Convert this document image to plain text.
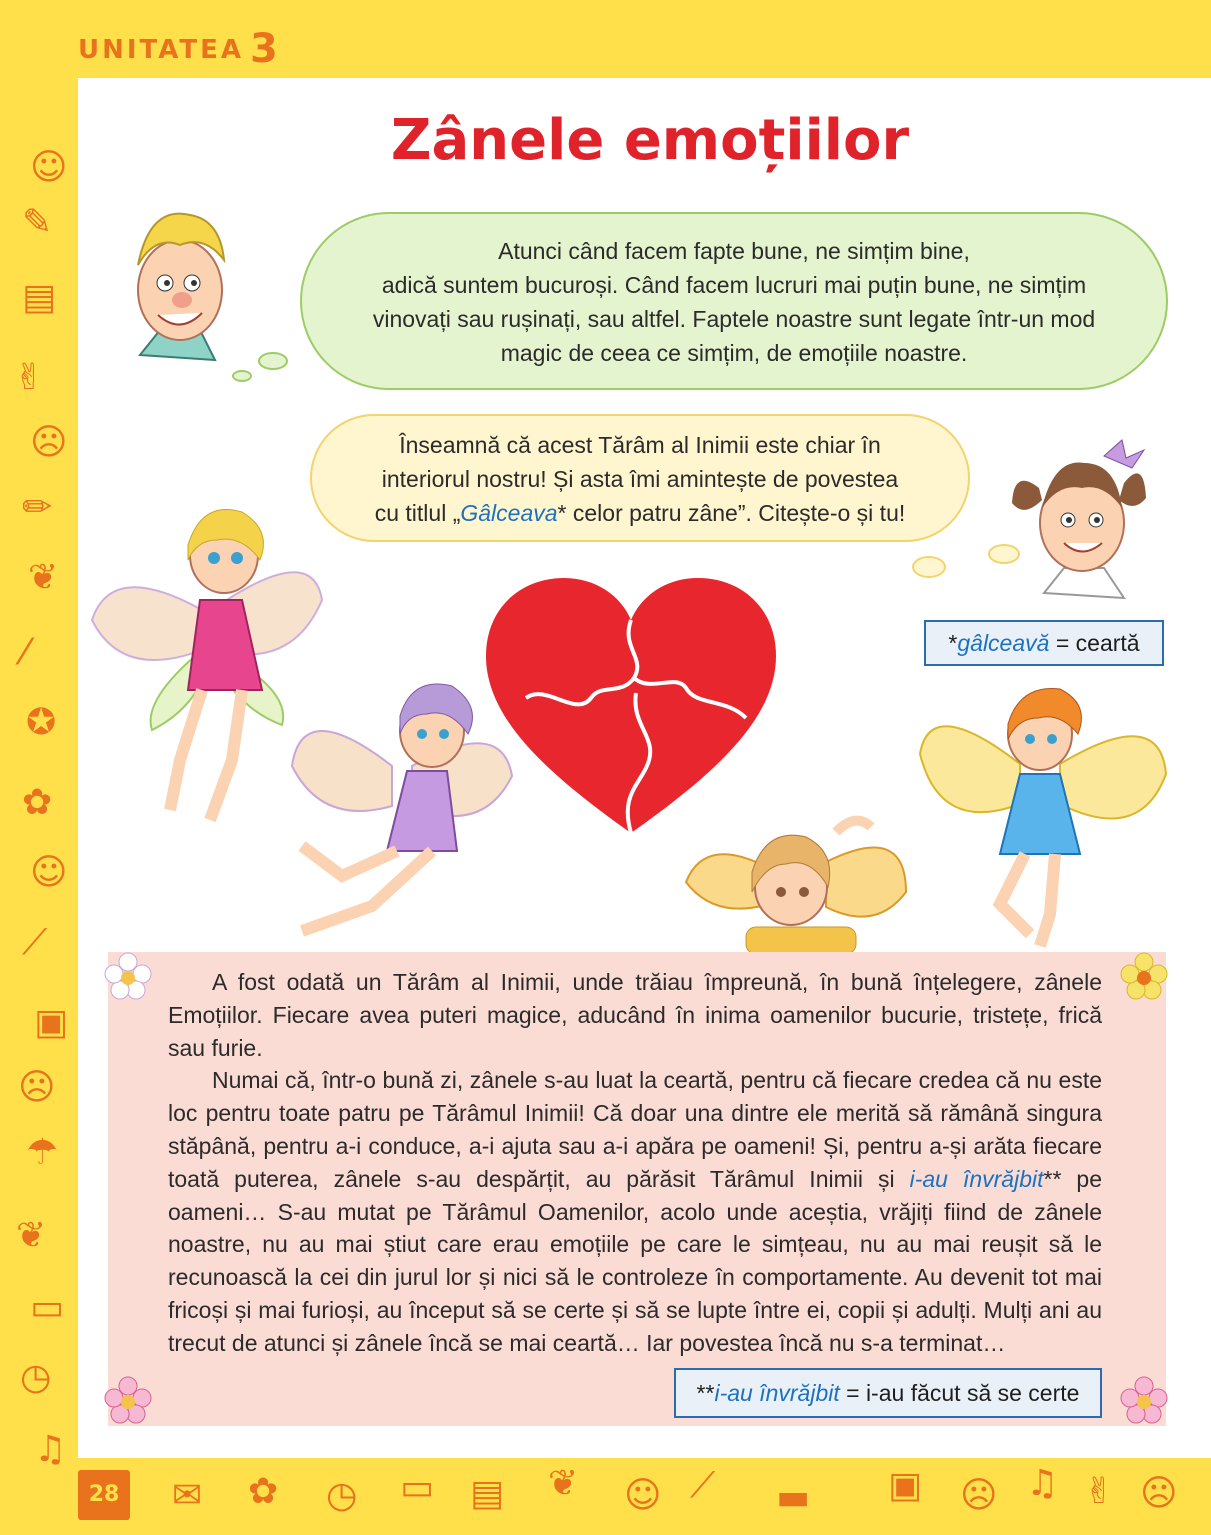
UNITATEA 3
☺
✎
▤
✌
☹
✏
❦
⁄
✪
✿
☺
⟋
▣
☹
☂
❦
▭
◷
♫
28 ✉ ✿ ◷ ▭ ▤ ❦ ☺ ⟋ ▬ ▣ ☹ ♫ ✌ ☹
Zânele emoțiilor
Atunci când facem fapte bune, ne simțim bine,
adică suntem bucuroși. Când facem lucruri mai puțin bune, ne simțim
vinovați sau rușinați, sau altfel. Faptele noastre sunt legate într-un mod
magic de ceea ce simțim, de emoțiile noastre.
Înseamnă că acest Tărâm al Inimii este chiar în
interiorul nostru! Și asta îmi amintește de povestea
cu titlul „Gâlceava* celor patru zâne”. Citește-o și tu!
*gâlceavă = ceartă

A fost odată un Tărâm al Inimii, unde trăiau împreună, în bună înțelegere, zânele Emoțiilor. Fiecare avea puteri magice, aducând în inima oamenilor bucurie, tristețe, frică sau furie.

Numai că, într-o bună zi, zânele s-au luat la ceartă, pentru că fiecare credea că nu este loc pentru toate patru pe Tărâmul Inimii! Că doar una dintre ele merită să rămână singura stăpână, pentru a-i conduce, a-i ajuta sau a-i apăra pe oameni! Și, pentru a-și arăta fiecare toată puterea, zânele s-au despărțit, au părăsit Tărâmul Inimii și i-au învrăjbit** pe oameni… S-au mutat pe Tărâmul Oamenilor, acolo unde aceștia, vrăjiți fiind de zânele noastre, nu au mai știut care erau emoțiile pe care le simțeau, nu au mai reușit să le recunoască la cei din jurul lor și nici să le controleze în comportamente. Au devenit tot mai fricoși și mai furioși, au început să se certe și să se lupte între ei, copii și adulți. Mulți ani au trecut de atunci și zânele încă se mai ceartă… Iar povestea încă nu s-a terminat…

**i-au învrăjbit = i-au făcut să se certe
